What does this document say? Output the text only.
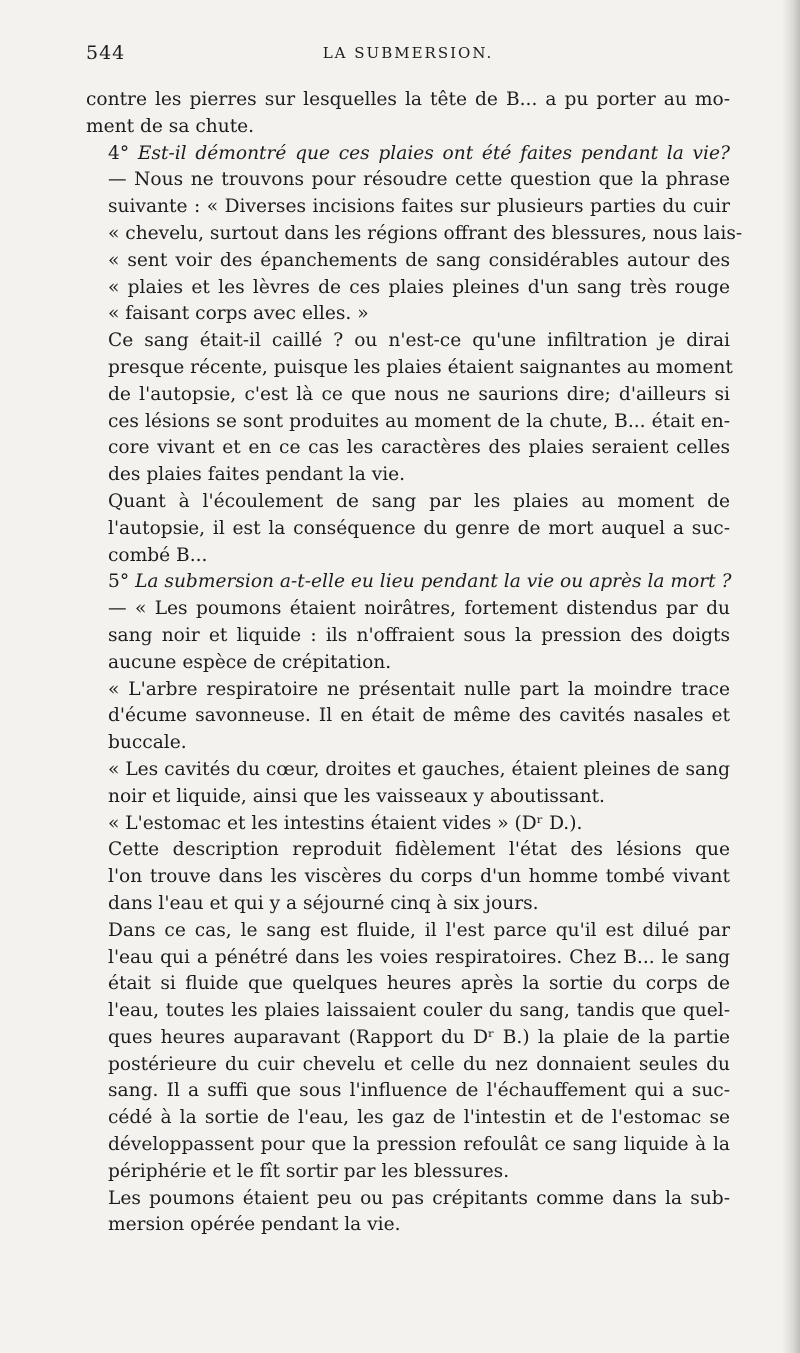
544	LA SUBMERSION.

contre les pierres sur lesquelles la tête de B... a pu porter au mo-
ment de sa chute.

4° Est-il démontré que ces plaies ont été faites pendant la vie?
— Nous ne trouvons pour résoudre cette question que la phrase
suivante : « Diverses incisions faites sur plusieurs parties du cuir
« chevelu, surtout dans les régions offrant des blessures, nous lais-
« sent voir des épanchements de sang considérables autour des
« plaies et les lèvres de ces plaies pleines d'un sang très rouge
« faisant corps avec elles. »

Ce sang était-il caillé ? ou n'est-ce qu'une infiltration je dirai
presque récente, puisque les plaies étaient saignantes au moment
de l'autopsie, c'est là ce que nous ne saurions dire; d'ailleurs si
ces lésions se sont produites au moment de la chute, B... était en-
core vivant et en ce cas les caractères des plaies seraient celles
des plaies faites pendant la vie.

Quant à l'écoulement de sang par les plaies au moment de
l'autopsie, il est la conséquence du genre de mort auquel a suc-
combé B...

5° La submersion a-t-elle eu lieu pendant la vie ou après la mort ?
— « Les poumons étaient noirâtres, fortement distendus par du
sang noir et liquide : ils n'offraient sous la pression des doigts
aucune espèce de crépitation.

« L'arbre respiratoire ne présentait nulle part la moindre trace
d'écume savonneuse. Il en était de même des cavités nasales et
buccale.

« Les cavités du cœur, droites et gauches, étaient pleines de sang
noir et liquide, ainsi que les vaisseaux y aboutissant.

« L'estomac et les intestins étaient vides » (Dʳ D.).

Cette description reproduit fidèlement l'état des lésions que
l'on trouve dans les viscères du corps d'un homme tombé vivant
dans l'eau et qui y a séjourné cinq à six jours.

Dans ce cas, le sang est fluide, il l'est parce qu'il est dilué par
l'eau qui a pénétré dans les voies respiratoires. Chez B... le sang
était si fluide que quelques heures après la sortie du corps de
l'eau, toutes les plaies laissaient couler du sang, tandis que quel-
ques heures auparavant (Rapport du Dʳ B.) la plaie de la partie
postérieure du cuir chevelu et celle du nez donnaient seules du
sang. Il a suffi que sous l'influence de l'échauffement qui a suc-
cédé à la sortie de l'eau, les gaz de l'intestin et de l'estomac se
développassent pour que la pression refoulât ce sang liquide à la
périphérie et le fît sortir par les blessures.

Les poumons étaient peu ou pas crépitants comme dans la sub-
mersion opérée pendant la vie.
